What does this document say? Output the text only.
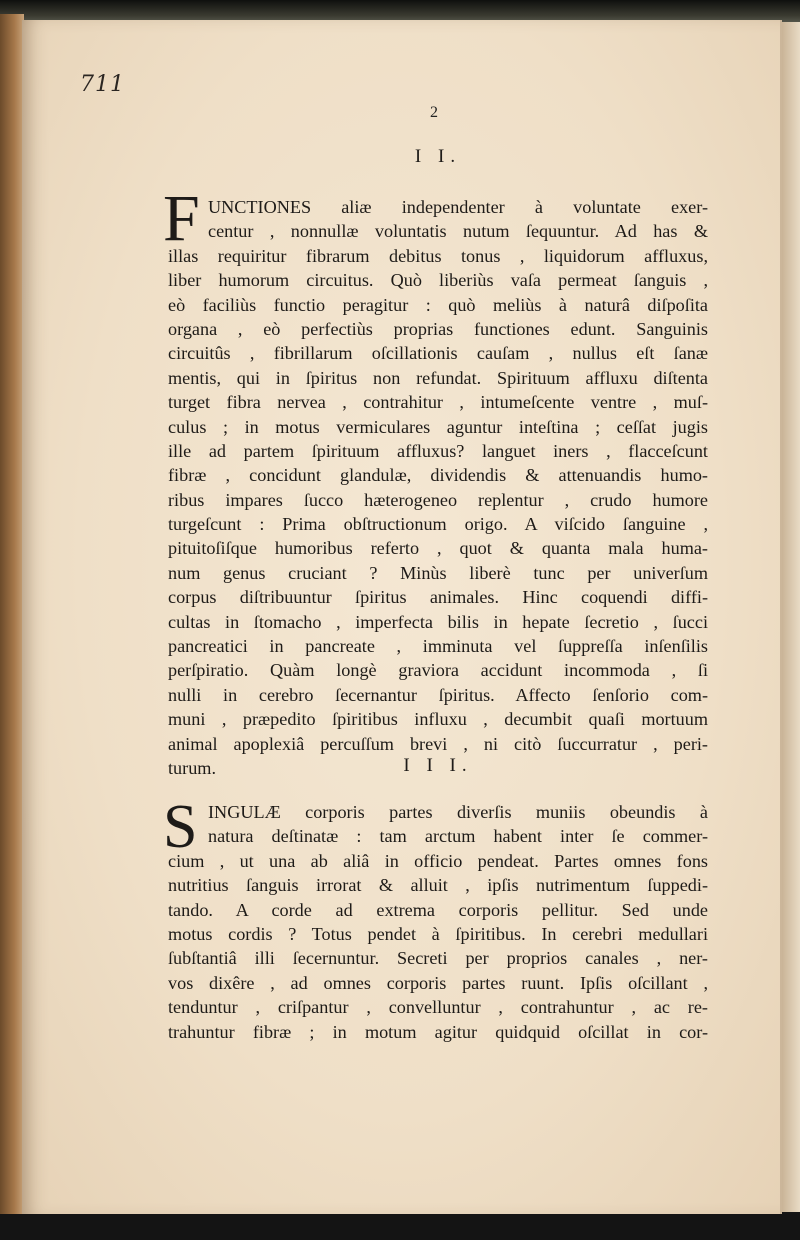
711
2
I I.
F UNCTIONES aliæ independenter à voluntate exer-
centur , nonnullæ voluntatis nutum ſequuntur. Ad has &
illas requiritur fibrarum debitus tonus , liquidorum affluxus,
liber humorum circuitus. Quò liberiùs vaſa permeat ſanguis ,
eò faciliùs functio peragitur : quò meliùs à naturâ diſpoſita
organa , eò perfectiùs proprias functiones edunt. Sanguinis
circuitûs , fibrillarum oſcillationis cauſam , nullus eſt ſanæ
mentis, qui in ſpiritus non refundat. Spirituum affluxu diſtenta
turget fibra nervea , contrahitur , intumeſcente ventre , muſ-
culus ; in motus vermiculares aguntur inteſtina ; ceſſat jugis
ille ad partem ſpirituum affluxus? languet iners , flacceſcunt
fibræ , concidunt glandulæ, dividendis & attenuandis humo-
ribus impares ſucco hæterogeneo replentur , crudo humore
turgeſcunt : Prima obſtructionum origo. A viſcido ſanguine ,
pituitoſiſque humoribus referto , quot & quanta mala huma-
num genus cruciant ? Minùs liberè tunc per univerſum
corpus diſtribuuntur ſpiritus animales. Hinc coquendi diffi-
cultas in ſtomacho , imperfecta bilis in hepate ſecretio , ſucci
pancreatici in pancreate , imminuta vel ſuppreſſa inſenſilis
perſpiratio. Quàm longè graviora accidunt incommoda , ſi
nulli in cerebro ſecernantur ſpiritus. Affecto ſenſorio com-
muni , præpedito ſpiritibus influxu , decumbit quaſi mortuum
animal apoplexiâ percuſſum brevi , ni citò ſuccurratur , peri-
turum.	I I I.
S INGULÆ corporis partes diverſis muniis obeundis à
natura deſtinatæ : tam arctum habent inter ſe commer-
cium , ut una ab aliâ in officio pendeat. Partes omnes fons
nutritius ſanguis irrorat & alluit , ipſis nutrimentum ſuppedi-
tando. A corde ad extrema corporis pellitur. Sed unde
motus cordis ? Totus pendet à ſpiritibus. In cerebri medullari
ſubſtantiâ illi ſecernuntur. Secreti per proprios canales , ner-
vos dixêre , ad omnes corporis partes ruunt. Ipſis oſcillant ,
tenduntur , criſpantur , convelluntur , contrahuntur , ac re-
trahuntur fibræ ; in motum agitur quidquid oſcillat in cor-
